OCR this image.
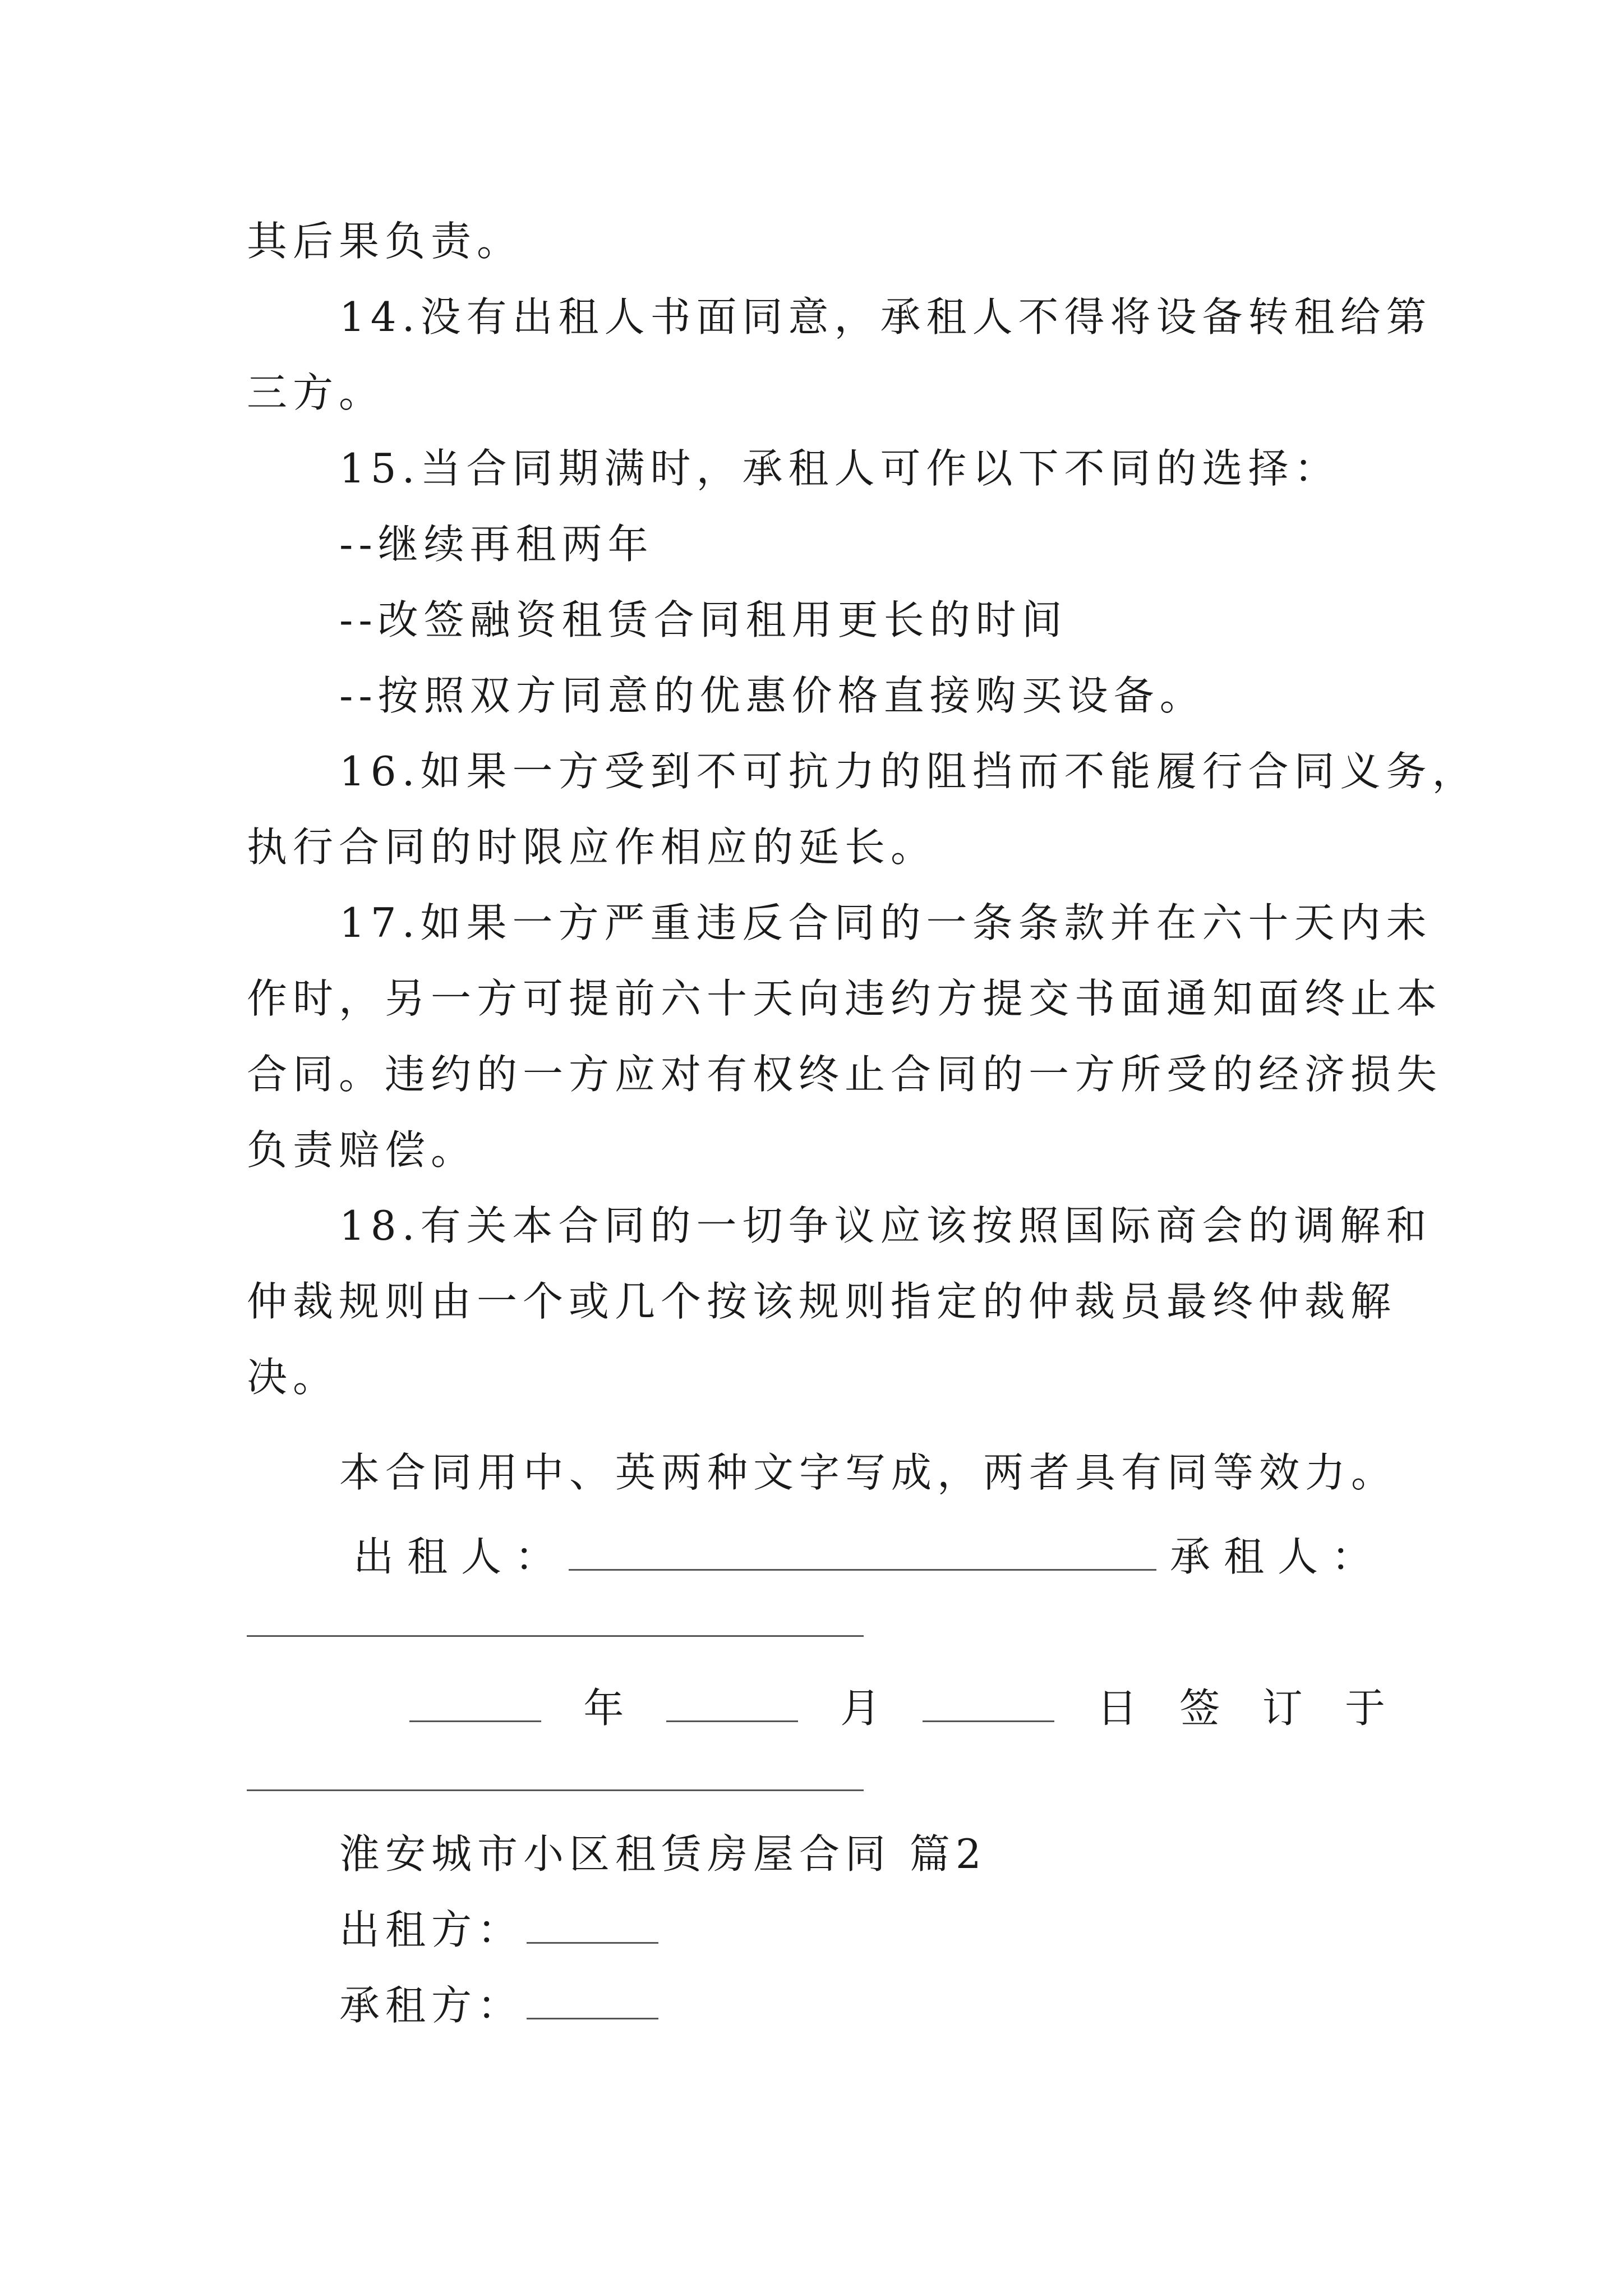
其后果负责。

14.没有出租人书面同意，承租人不得将设备转租给第

三方。

15.当合同期满时，承租人可作以下不同的选择：

--继续再租两年

--改签融资租赁合同租用更长的时间

--按照双方同意的优惠价格直接购买设备。

16.如果一方受到不可抗力的阻挡而不能履行合同义务，

执行合同的时限应作相应的延长。

17.如果一方严重违反合同的一条条款并在六十天内未

作时，另一方可提前六十天向违约方提交书面通知面终止本

合同。违约的一方应对有权终止合同的一方所受的经济损失

负责赔偿。

18.有关本合同的一切争议应该按照国际商会的调解和

仲裁规则由一个或几个按该规则指定的仲裁员最终仲裁解

决。

本合同用中、英两种文字写成，两者具有同等效力。

出租人：	承租人：
年	月	日 签 订 于

淮安城市小区租赁房屋合同 篇2

出租方：

承租方：
